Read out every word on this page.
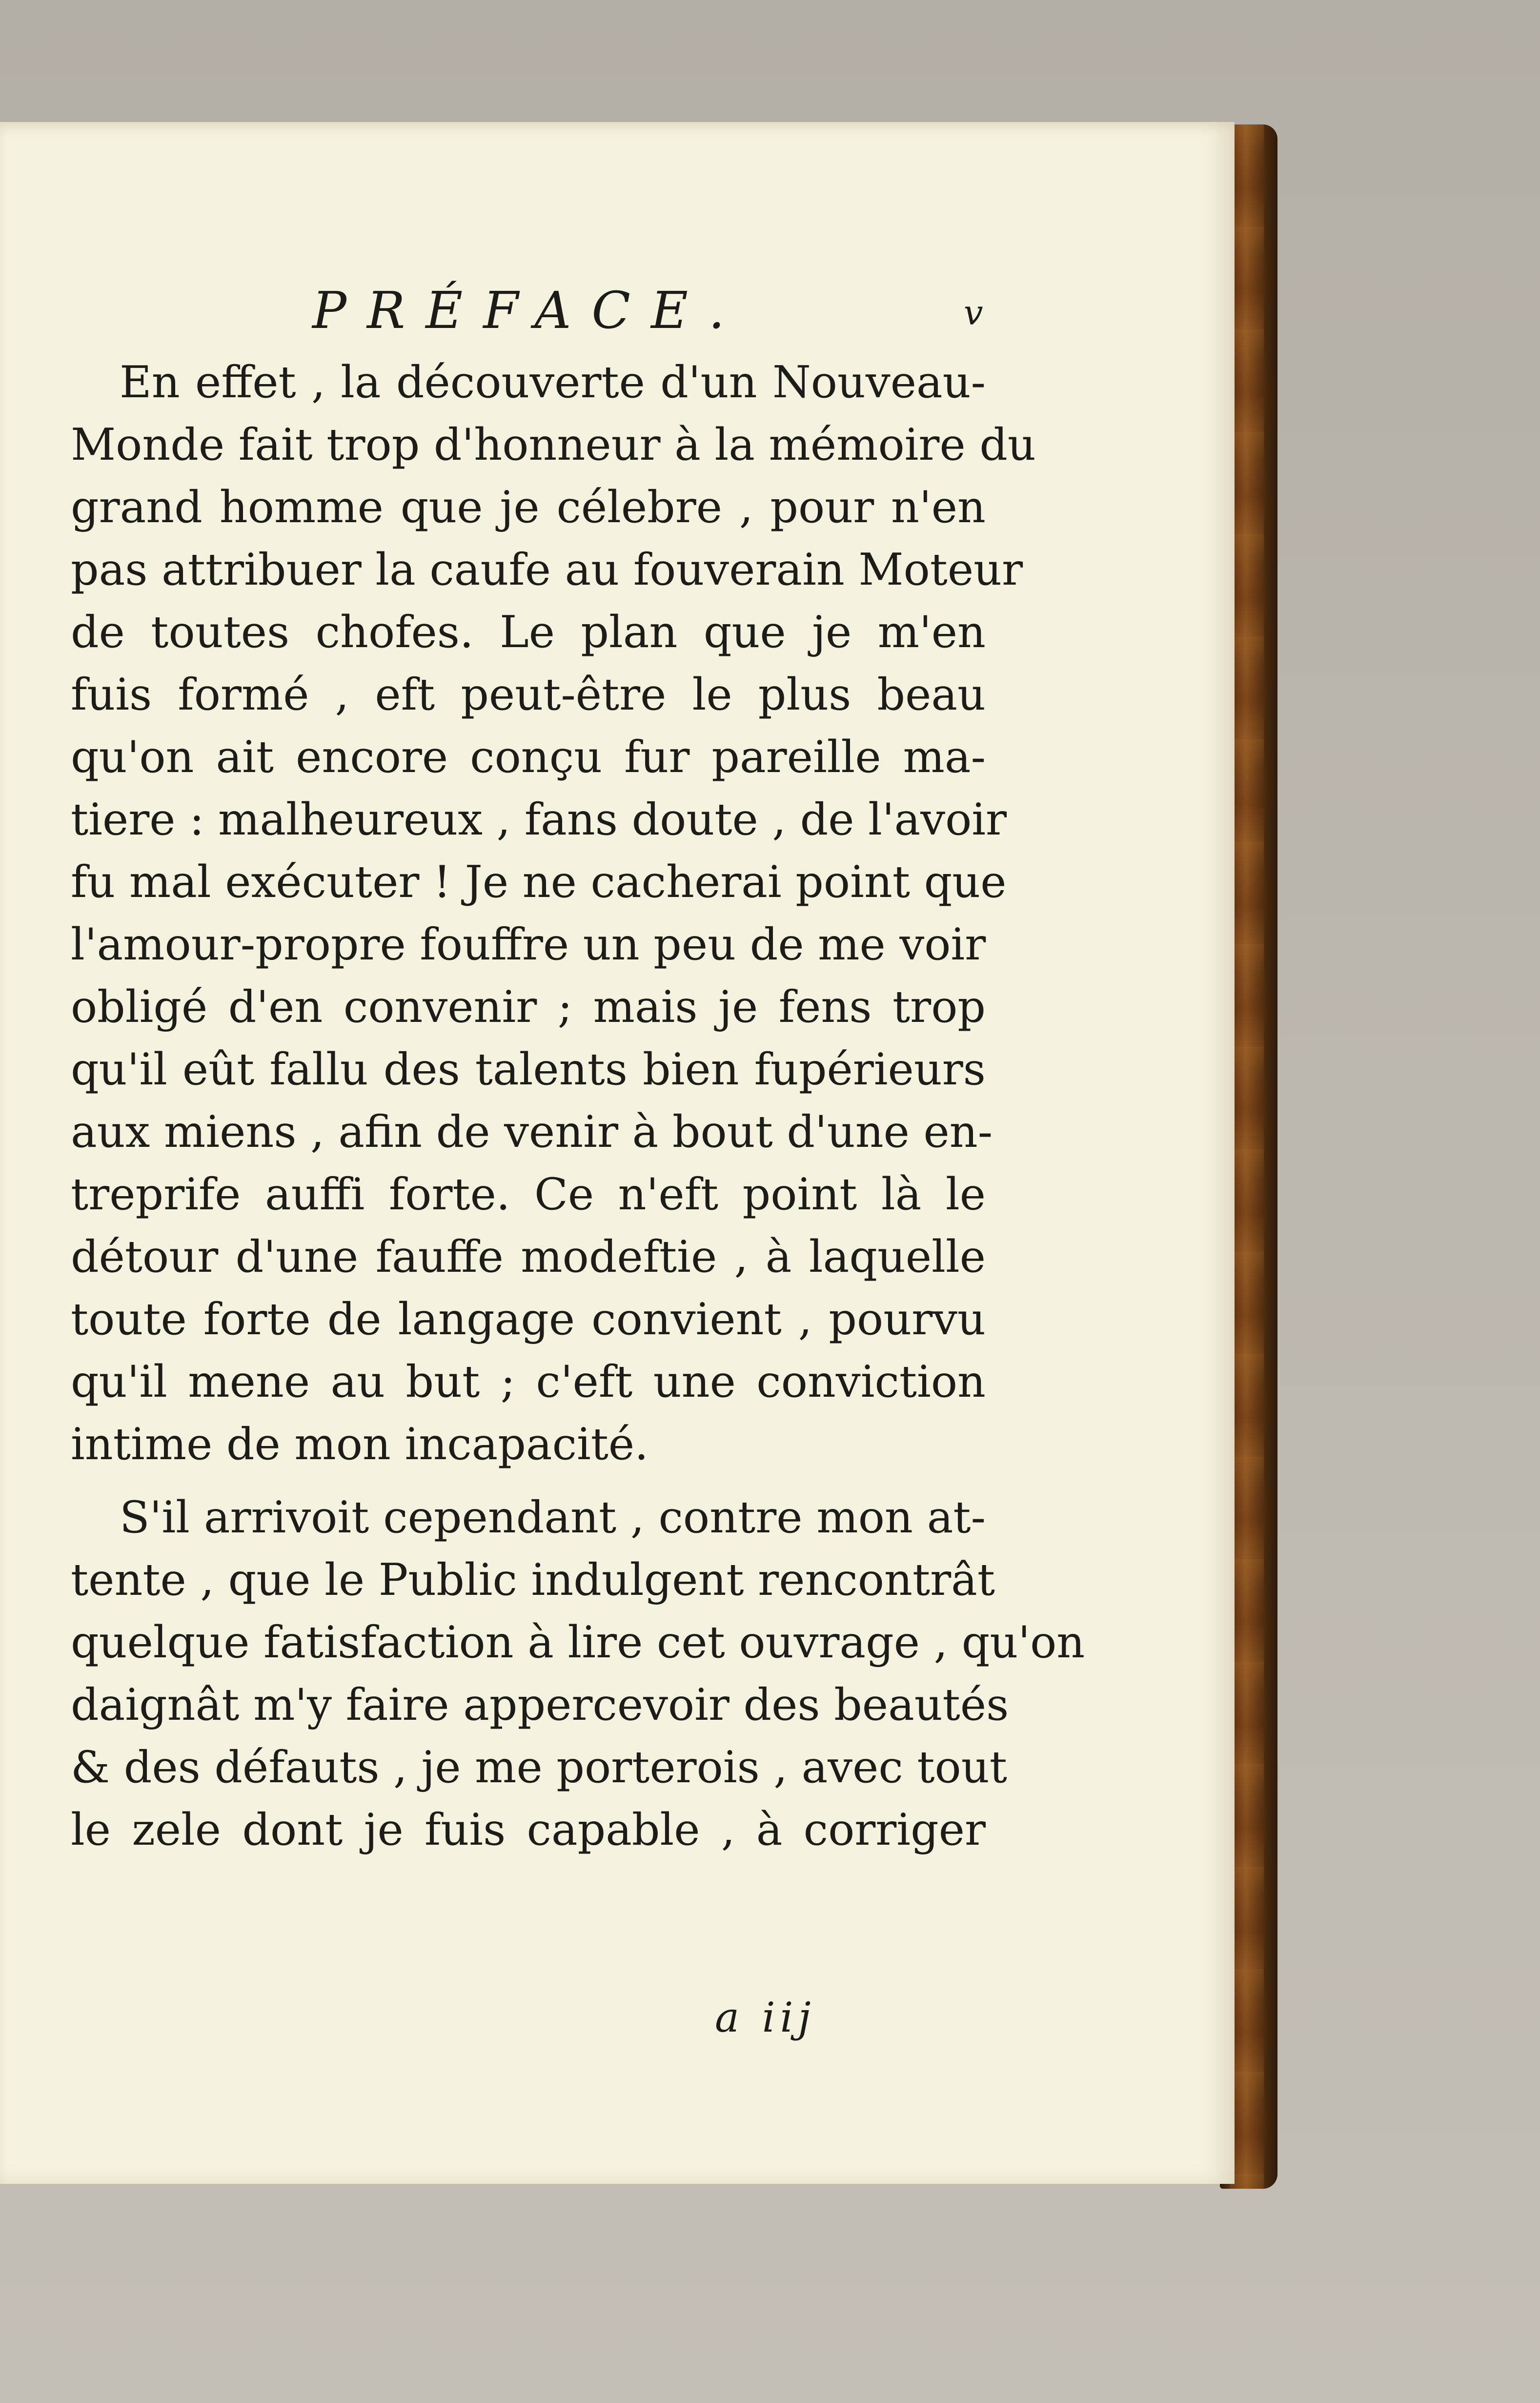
PRÉFACE.	v
En effet , la découverte d'un Nouveau-
Monde fait trop d'honneur à la mémoire du
grand homme que je célebre , pour n'en
pas attribuer la caufe au fouverain Moteur
de toutes chofes. Le plan que je m'en
fuis formé , eft peut-être le plus beau
qu'on ait encore conçu fur pareille ma-
tiere : malheureux , fans doute , de l'avoir
fu mal exécuter ! Je ne cacherai point que
l'amour-propre fouffre un peu de me voir
obligé d'en convenir ; mais je fens trop
qu'il eût fallu des talents bien fupérieurs
aux miens , afin de venir à bout d'une en-
treprife auffi forte. Ce n'eft point là le
détour d'une fauffe modeftie , à laquelle
toute forte de langage convient , pourvu
qu'il mene au but ; c'eft une conviction
intime de mon incapacité.
S'il arrivoit cependant , contre mon at-
tente , que le Public indulgent rencontrât
quelque fatisfaction à lire cet ouvrage , qu'on
daignât m'y faire appercevoir des beautés
& des défauts , je me porterois , avec tout
le zele dont je fuis capable , à corriger
a iij
